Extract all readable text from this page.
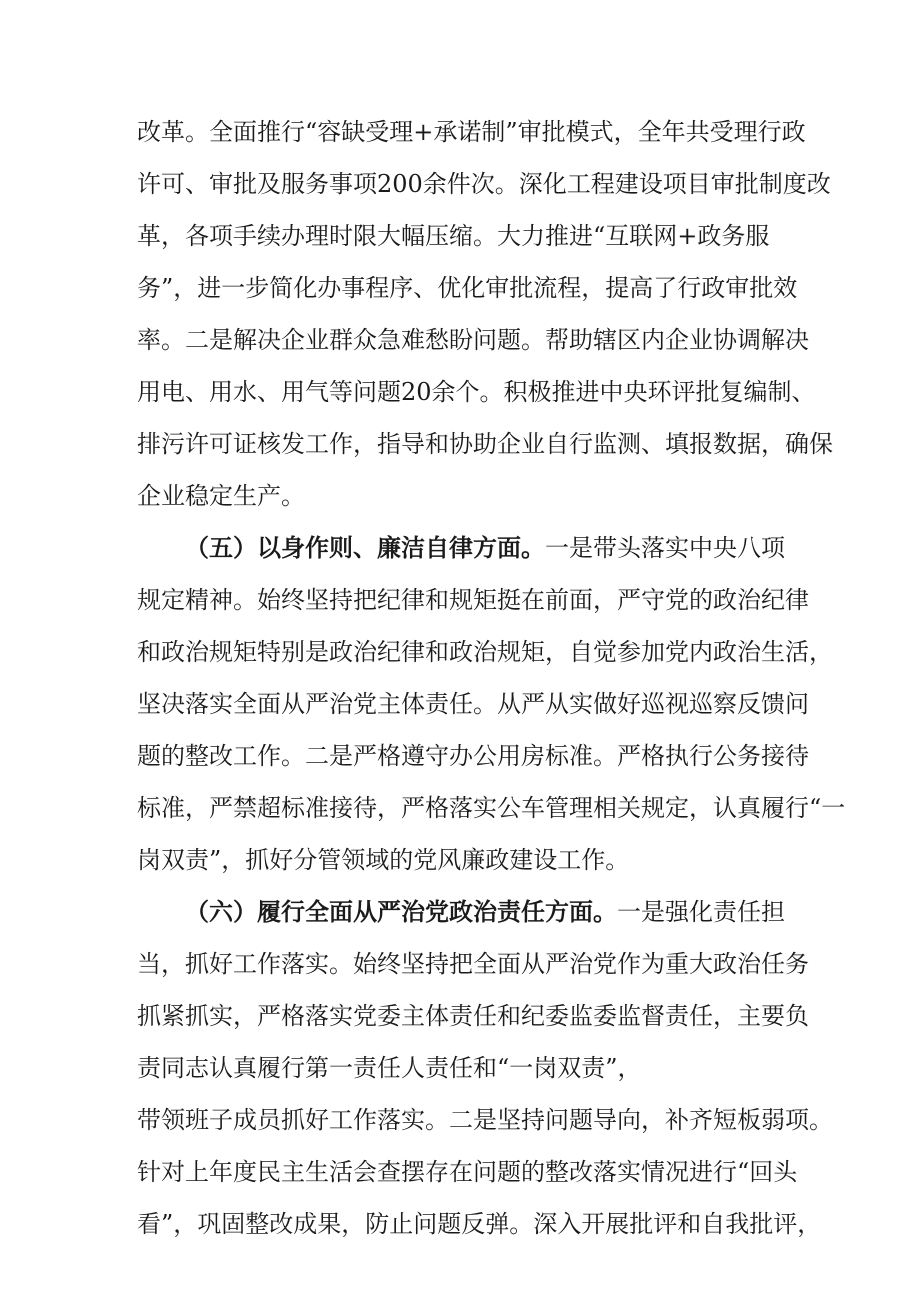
改革。全面推行“容缺受理+承诺制”审批模式，全年共受理行政
许可、审批及服务事项200余件次。深化工程建设项目审批制度改
革，各项手续办理时限大幅压缩。大力推进“互联网+政务服
务”，进一步简化办事程序、优化审批流程，提高了行政审批效
率。二是解决企业群众急难愁盼问题。帮助辖区内企业协调解决
用电、用水、用气等问题20余个。积极推进中央环评批复编制、
排污许可证核发工作，指导和协助企业自行监测、填报数据，确保
企业稳定生产。
（五）以身作则、廉洁自律方面。一是带头落实中央八项
规定精神。始终坚持把纪律和规矩挺在前面，严守党的政治纪律
和政治规矩特别是政治纪律和政治规矩，自觉参加党内政治生活，
坚决落实全面从严治党主体责任。从严从实做好巡视巡察反馈问
题的整改工作。二是严格遵守办公用房标准。严格执行公务接待
标准，严禁超标准接待，严格落实公车管理相关规定，认真履行“一
岗双责”，抓好分管领域的党风廉政建设工作。
（六）履行全面从严治党政治责任方面。一是强化责任担
当，抓好工作落实。始终坚持把全面从严治党作为重大政治任务
抓紧抓实，严格落实党委主体责任和纪委监委监督责任，主要负
责同志认真履行第一责任人责任和“一岗双责”，
带领班子成员抓好工作落实。二是坚持问题导向，补齐短板弱项。
针对上年度民主生活会查摆存在问题的整改落实情况进行“回头
看”，巩固整改成果，防止问题反弹。深入开展批评和自我批评，
